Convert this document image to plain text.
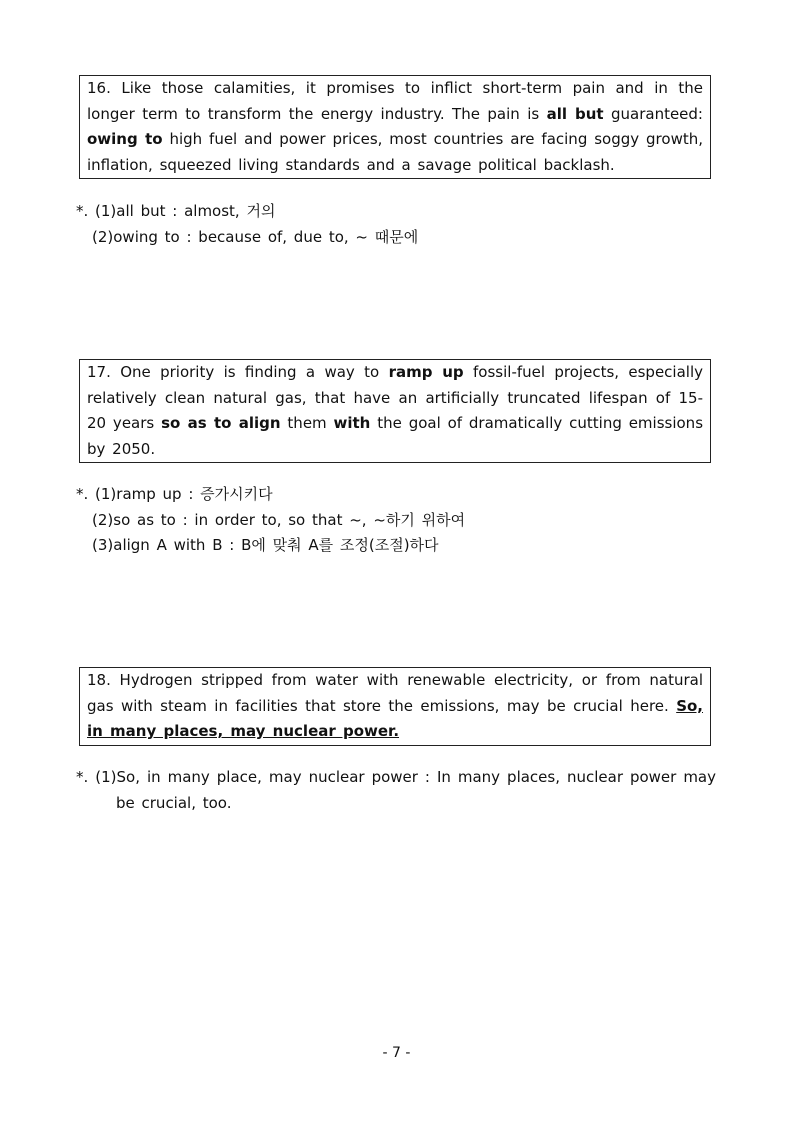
16. Like those calamities, it promises to inflict short-term pain and in the longer term to transform the energy industry. The pain is all but guaranteed: owing to high fuel and power prices, most countries are facing soggy growth, inflation, squeezed living standards and a savage political backlash.
*. (1)all but : almost, 거의
(2)owing to : because of, due to, ~ 때문에
17. One priority is finding a way to ramp up fossil-fuel projects, especially relatively clean natural gas, that have an artificially truncated lifespan of 15-20 years so as to align them with the goal of dramatically cutting emissions by 2050.
*. (1)ramp up : 증가시키다
(2)so as to : in order to, so that ~, ~하기 위하여
(3)align A with B : B에 맞춰 A를 조정(조절)하다
18. Hydrogen stripped from water with renewable electricity, or from natural gas with steam in facilities that store the emissions, may be crucial here. So, in many places, may nuclear power.
*. (1)So, in many place, may nuclear power : In many places, nuclear power may
be crucial, too.
- 7 -
